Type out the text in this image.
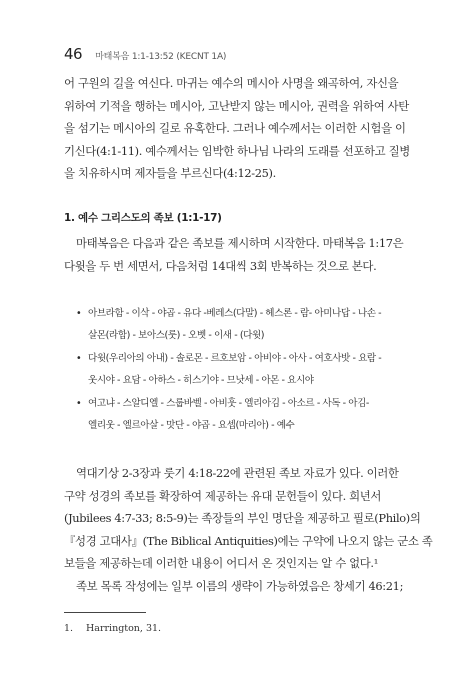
46 마태복음 1:1-13:52 (KECNT 1A)

어 구원의 길을 여신다. 마귀는 예수의 메시아 사명을 왜곡하여, 자신을

위하여 기적을 행하는 메시아, 고난받지 않는 메시아, 권력을 위하여 사탄

을 섬기는 메시아의 길로 유혹한다. 그러나 예수께서는 이러한 시험을 이

기신다(4:1-11). 예수께서는 임박한 하나님 나라의 도래를 선포하고 질병

을 치유하시며 제자들을 부르신다(4:12-25).

1. 예수 그리스도의 족보 (1:1-17)

마태복음은 다음과 같은 족보를 제시하며 시작한다. 마태복음 1:17은

다윗을 두 번 세면서, 다음처럼 14대씩 3회 반복하는 것으로 본다.

• 아브라함 - 이삭 - 야곱 - 유다 -베레스(다말) - 헤스론 - 람- 아미나답 - 나손 -

살몬(라합) - 보아스(룻) - 오벳 - 이새 - (다윗)

• 다윗(우리아의 아내) - 솔로몬 - 르호보암 - 아비야 - 아사 - 여호사밧 - 요람 -

웃시야 - 요담 - 아하스 - 히스기야 - 므낫세 - 아몬 - 요시야

• 여고냐 - 스알디엘 - 스룹바벨 - 아비훗 - 엘리아김 - 아소르 - 사독 - 아김-

엘리웃 - 엘르아살 - 맛단 - 야곱 - 요셉(마리아) - 예수

역대기상 2-3장과 룻기 4:18-22에 관련된 족보 자료가 있다. 이러한

구약 성경의 족보를 확장하여 제공하는 유대 문헌들이 있다. 희년서

(Jubilees 4:7-33; 8:5-9)는 족장들의 부인 명단을 제공하고 필로(Philo)의

『성경 고대사』(The Biblical Antiquities)에는 구약에 나오지 않는 군소 족

보들을 제공하는데 이러한 내용이 어디서 온 것인지는 알 수 없다.¹

족보 목록 작성에는 일부 이름의 생략이 가능하였음은 창세기 46:21;

1. Harrington, 31.
